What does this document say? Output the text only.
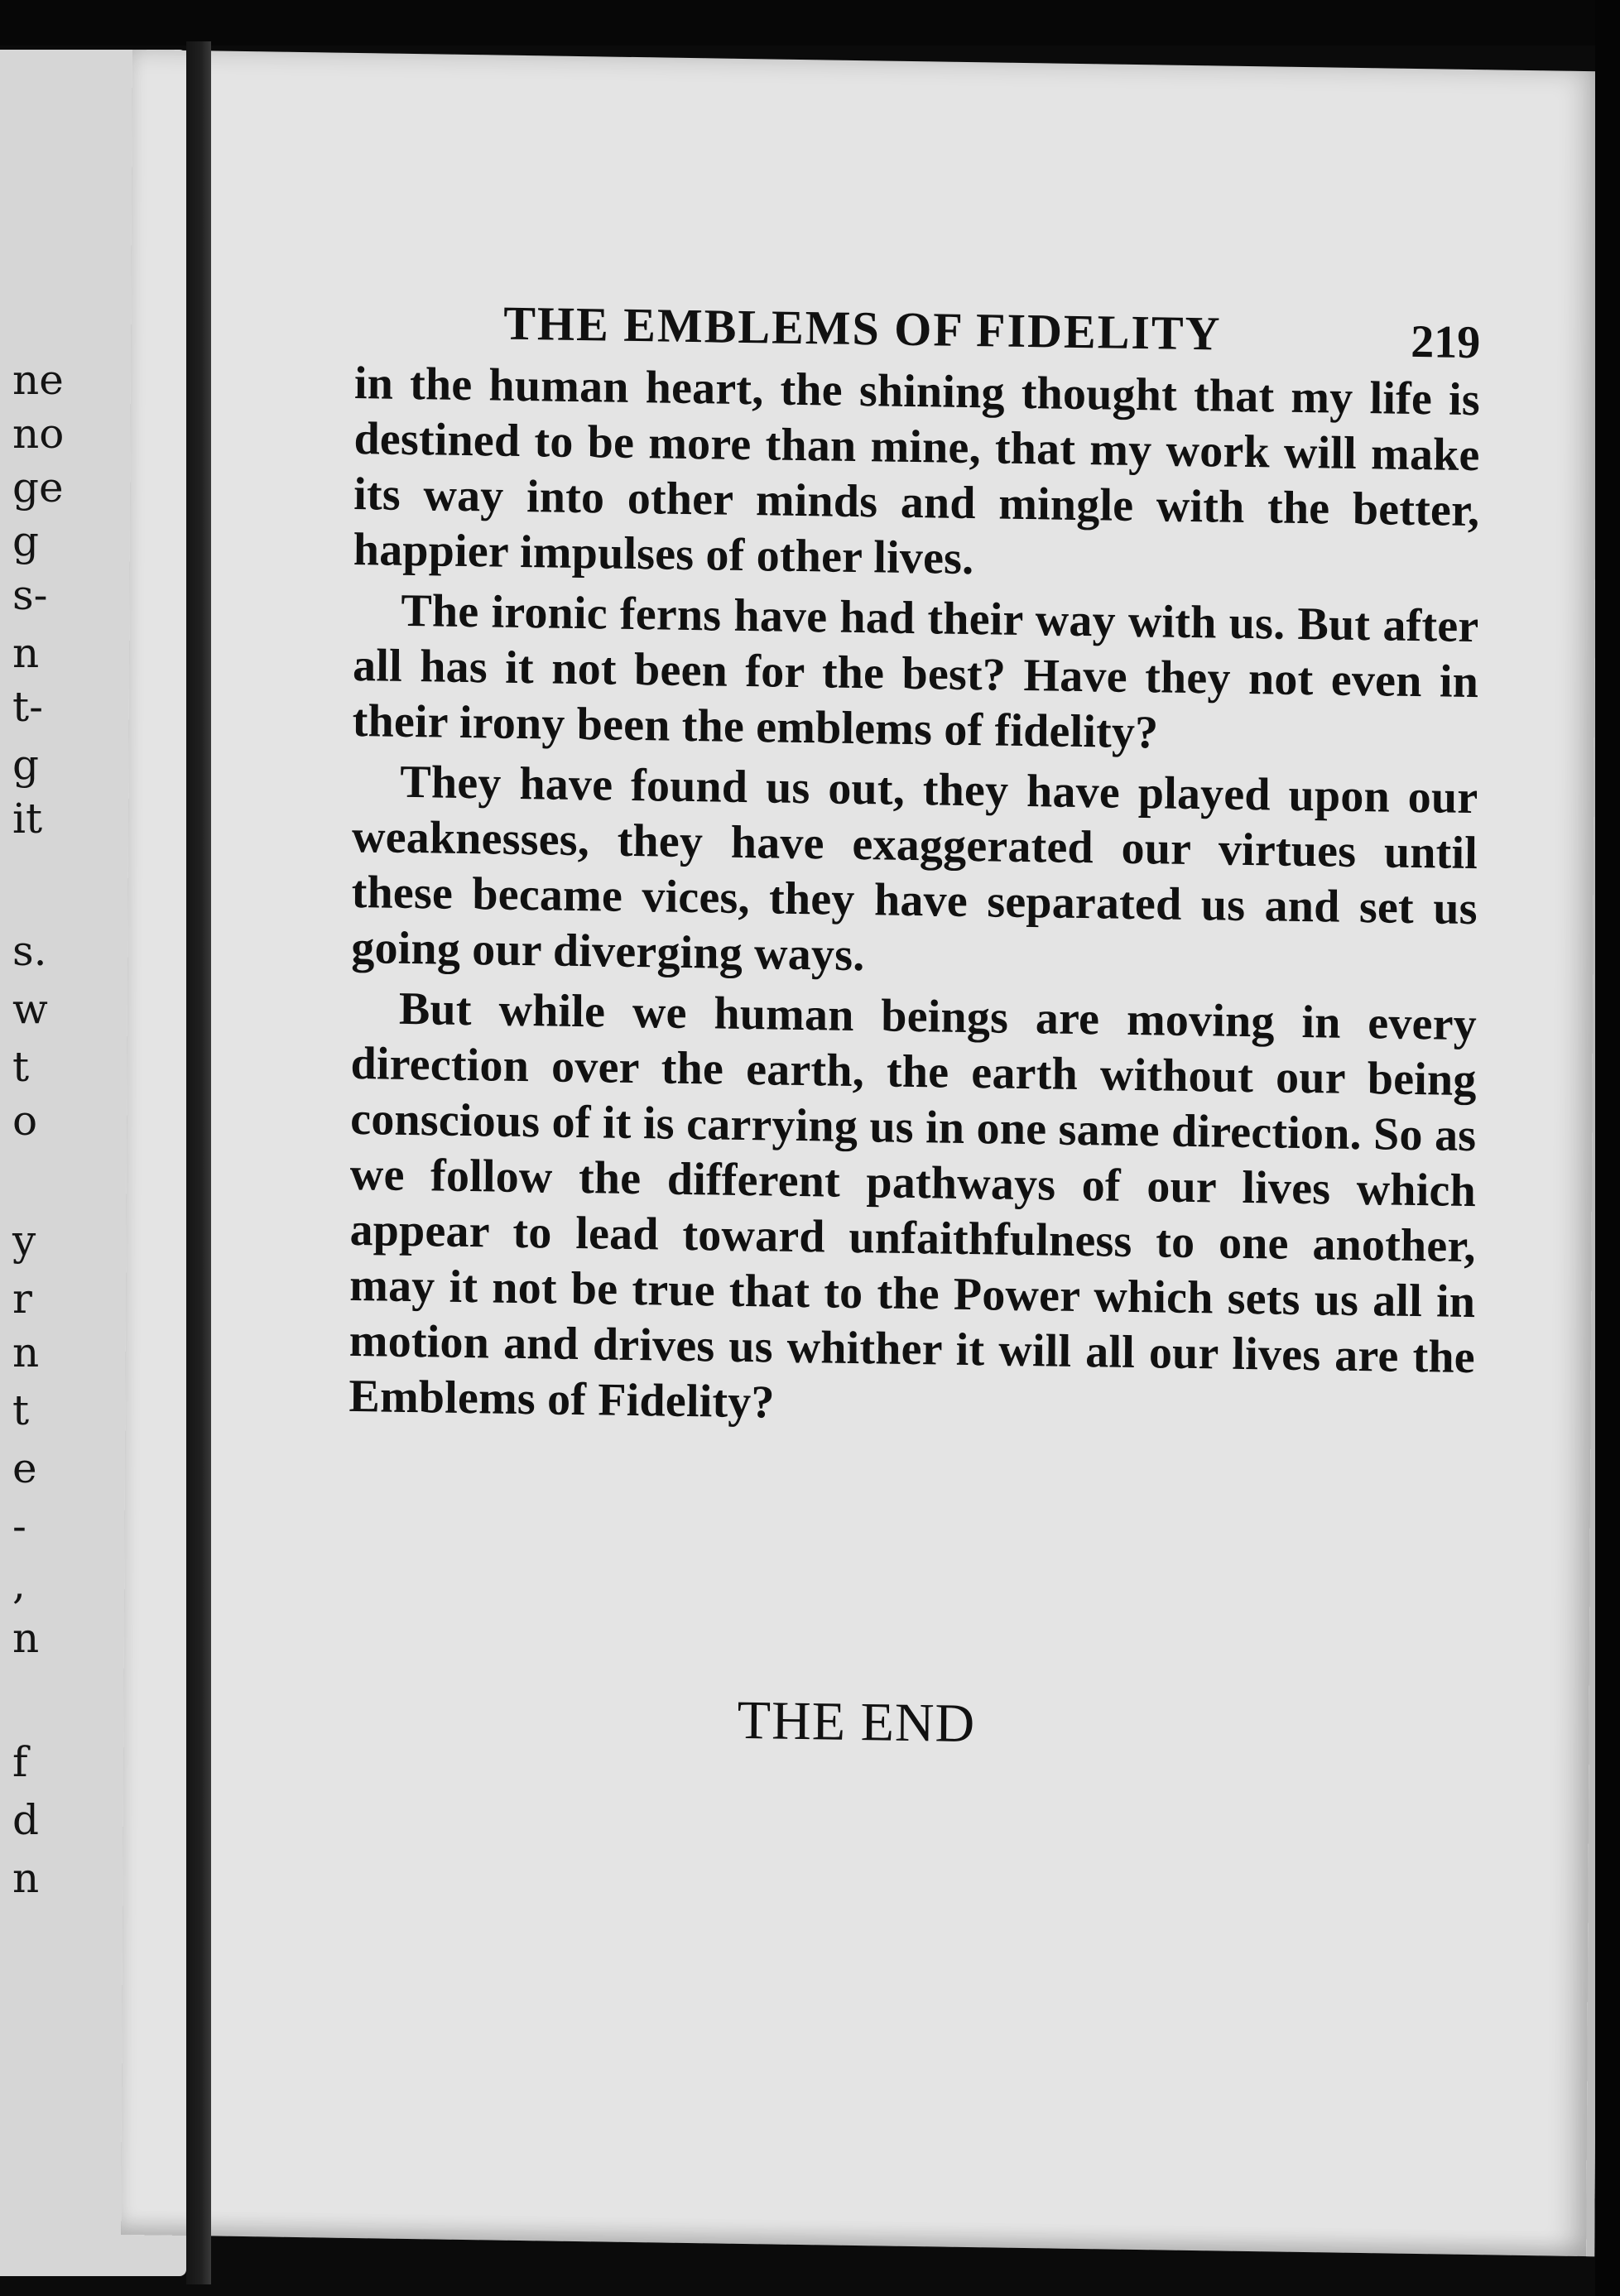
ne
no
ge
g
s-
n
t-
g
it
s.
w
t
o
y
r
n
t
e
-
,
n
f
d
n
THE EMBLEMS OF FIDELITY	219

in the human heart, the shining thought that my life is destined to be more than mine, that my work will make its way into other minds and mingle with the better, happier impulses of other lives.

The ironic ferns have had their way with us. But after all has it not been for the best? Have they not even in their irony been the emblems of fidelity?

They have found us out, they have played upon our weaknesses, they have exaggerated our virtues until these became vices, they have separated us and set us going our diverging ways.

But while we human beings are moving in every direction over the earth, the earth without our being conscious of it is carrying us in one same direction. So as we follow the different pathways of our lives which appear to lead toward unfaithfulness to one another, may it not be true that to the Power which sets us all in motion and drives us whither it will all our lives are the Emblems of Fidelity?

THE END
